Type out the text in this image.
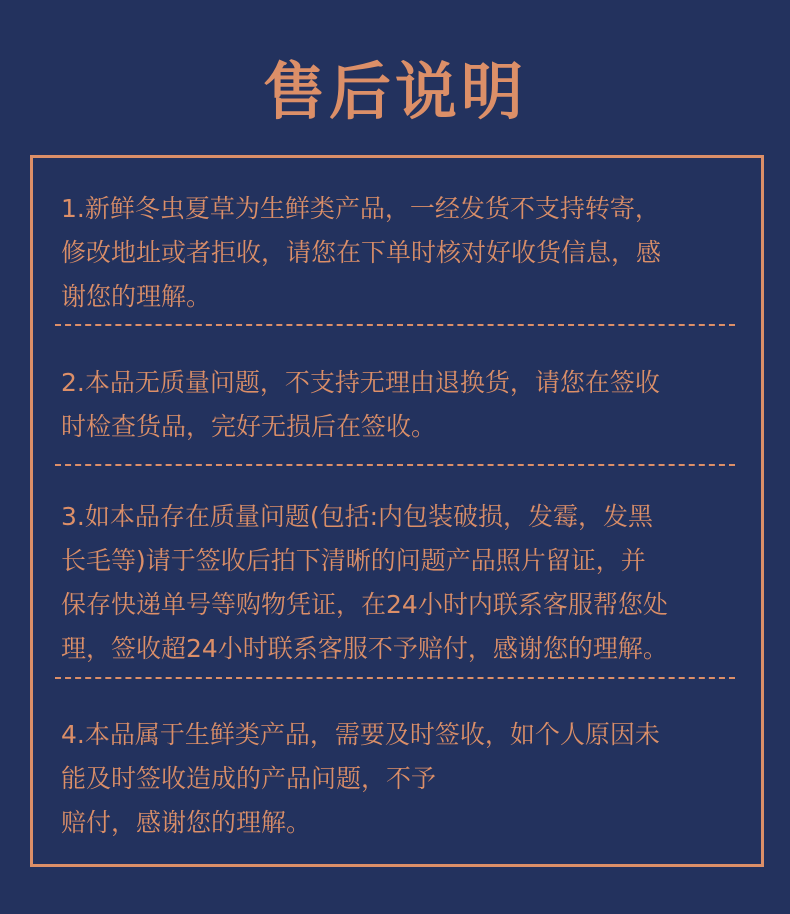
售后说明

1.新鲜冬虫夏草为生鲜类产品，一经发货不支持转寄，
修改地址或者拒收，请您在下单时核对好收货信息，感
谢您的理解。

2.本品无质量问题，不支持无理由退换货，请您在签收
时检查货品，完好无损后在签收。

3.如本品存在质量问题(包括:内包装破损，发霉，发黑
长毛等)请于签收后拍下清晰的问题产品照片留证，并
保存快递单号等购物凭证，在24小时内联系客服帮您处
理，签收超24小时联系客服不予赔付，感谢您的理解。

4.本品属于生鲜类产品，需要及时签收，如个人原因未
能及时签收造成的产品问题，不予
赔付，感谢您的理解。
